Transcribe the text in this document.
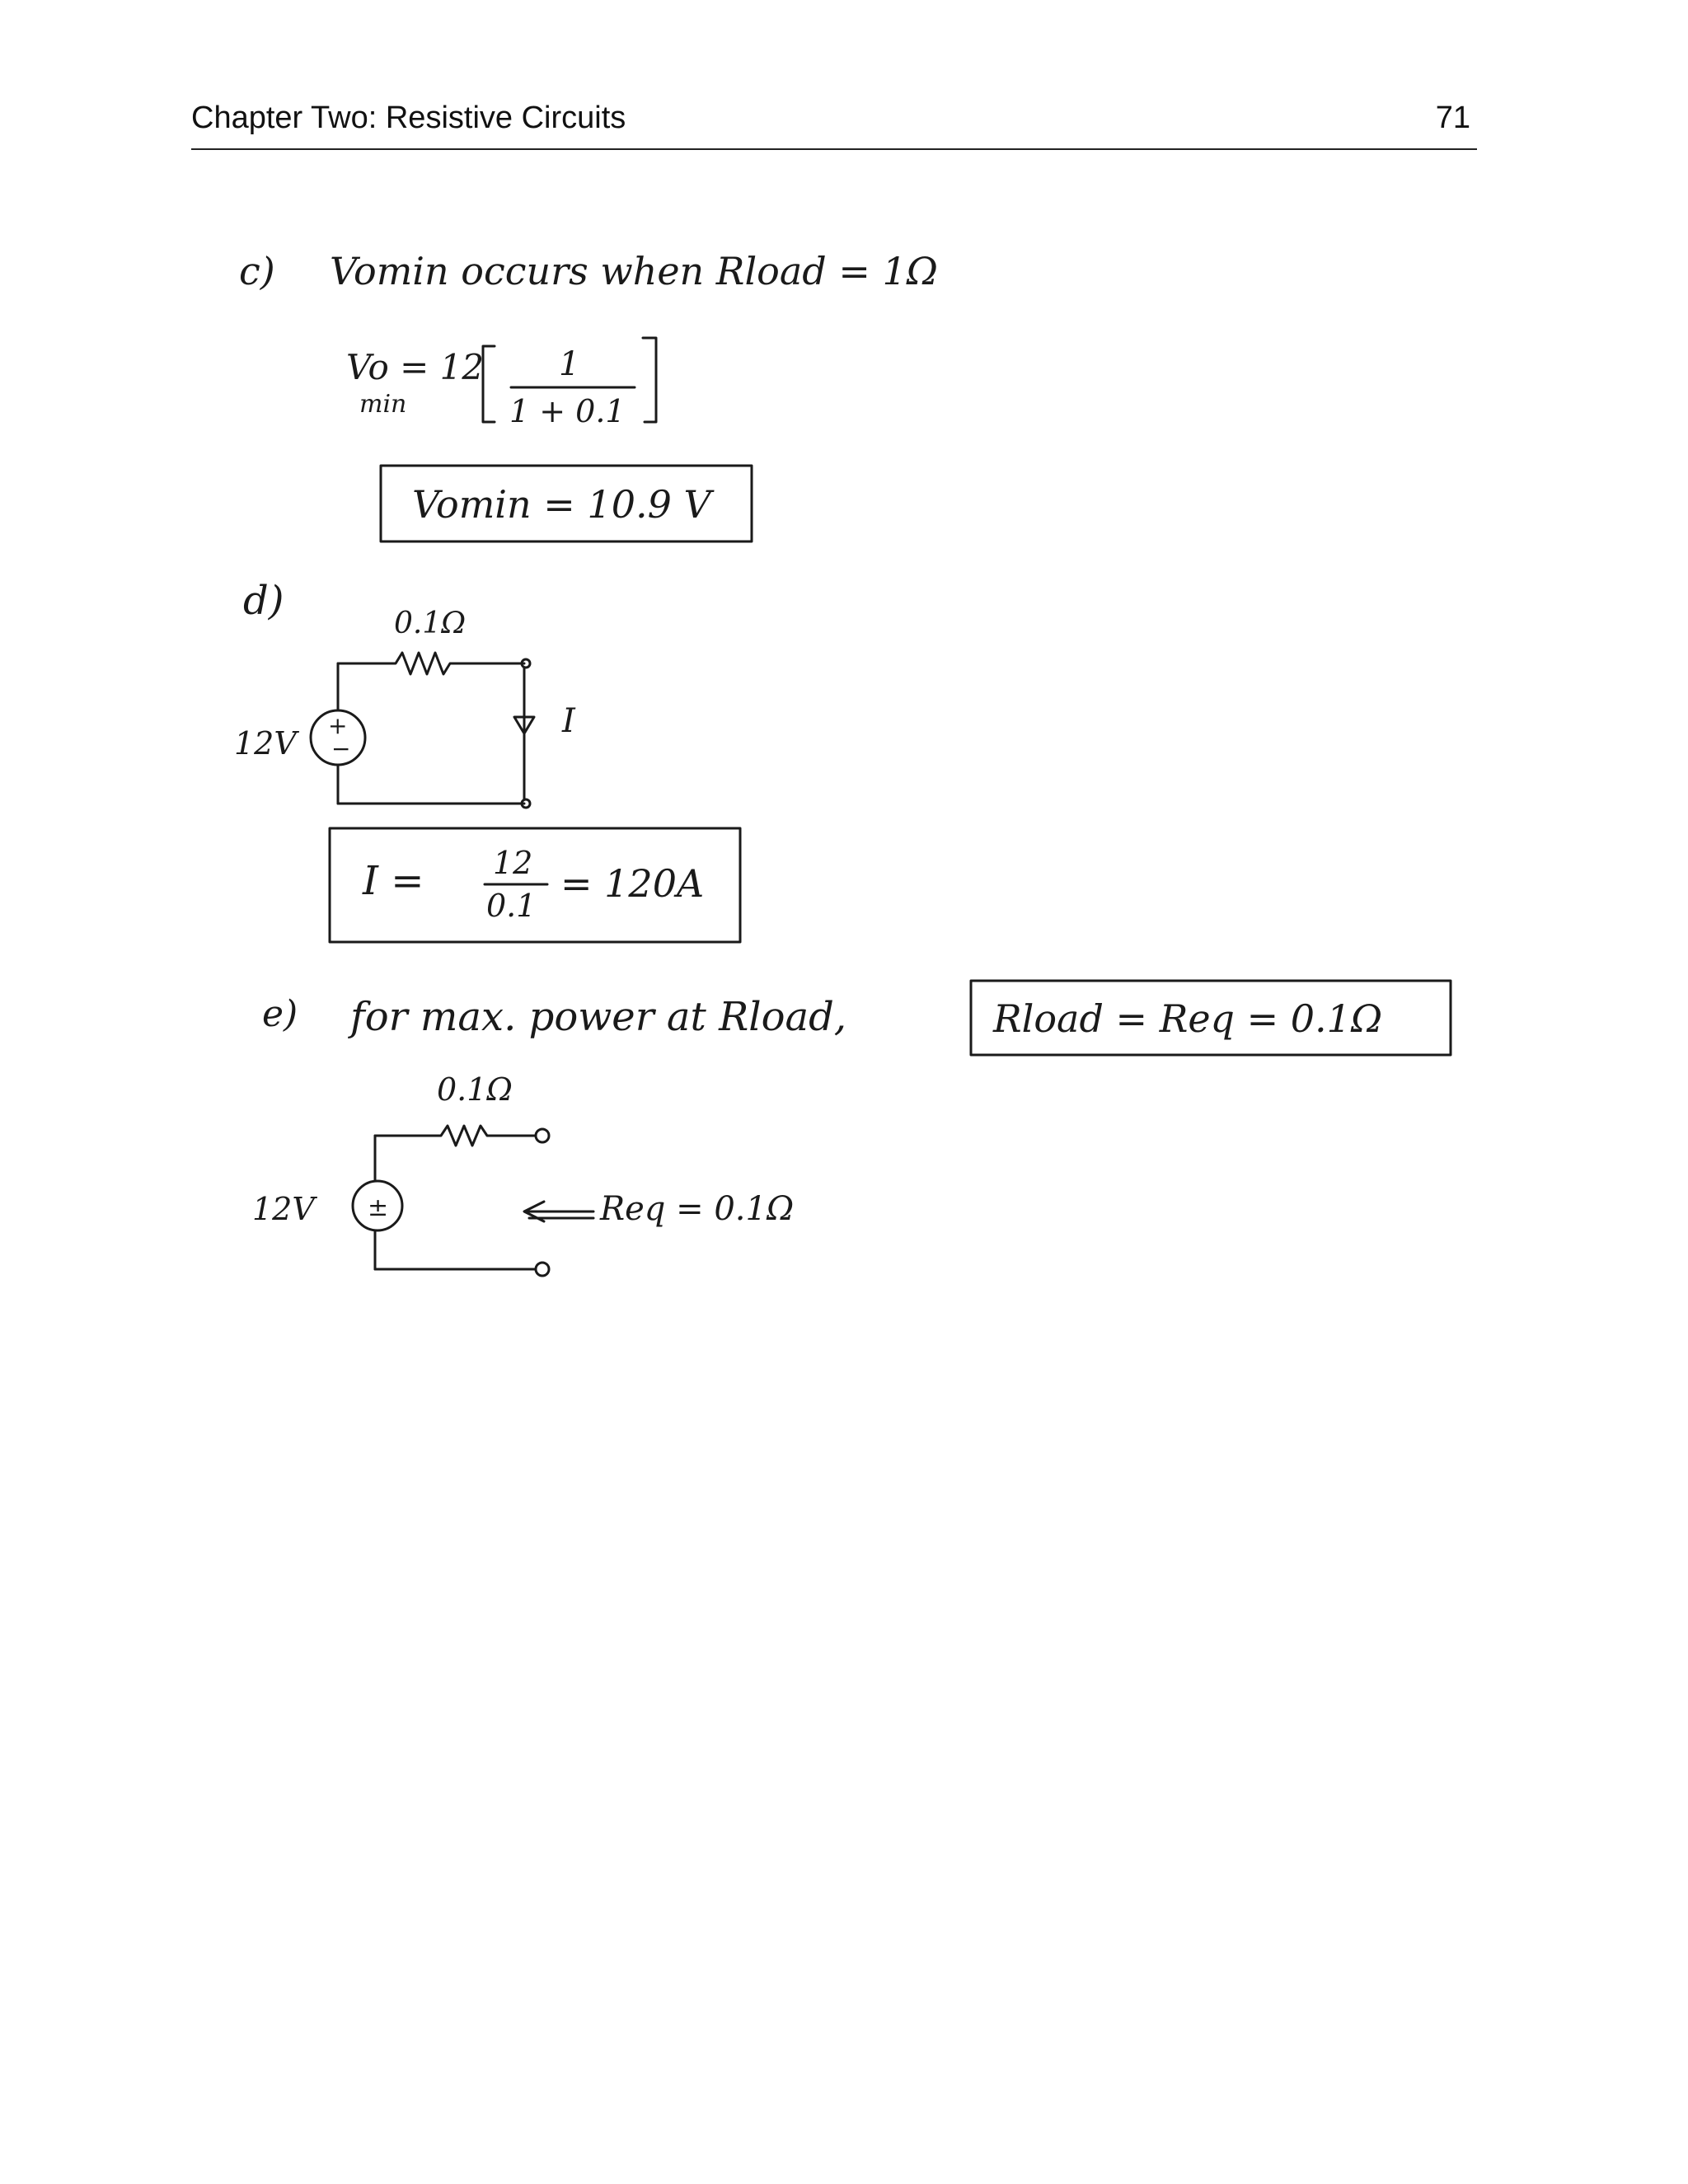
Chapter Two: Resistive Circuits	71
c) Vomin occurs when Rload = 1Ω
Vo = 12
min
1
1 + 0.1
Vomin = 10.9 V
d)	0.1Ω
+
−
12V
I
I = 12
0.1 = 120A
e) for max. power at Rload,	Rload = Req = 0.1Ω
0.1Ω
±
12V	Req = 0.1Ω
